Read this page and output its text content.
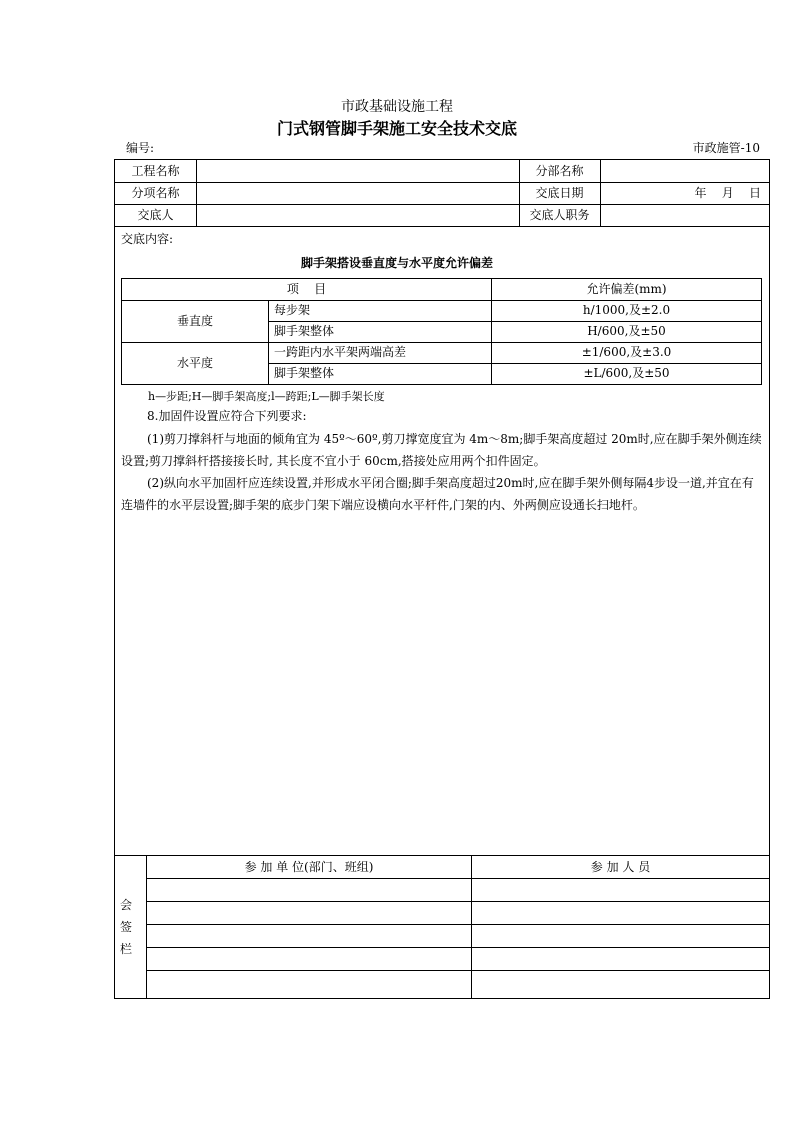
市政基础设施工程
门式钢管脚手架施工安全技术交底
编号:	市政施管-10
工程名称	分部名称
分项名称	交底日期	年    月    日
交底人	交底人职务
参 加 单 位(部门、班组)	参 加 人 员
会签栏
交底内容:
脚手架搭设垂直度与水平度允许偏差
项    目	允许偏差(mm)
垂直度
每步架	h/1000,及±2.0
脚手架整体	H/600,及±50
水平度
一跨距内水平架两端高差	±1/600,及±3.0
脚手架整体	±L/600,及±50
h—步距;H—脚手架高度;l—跨距;L—脚手架长度
8.加固件设置应符合下列要求:
(1)剪刀撑斜杆与地面的倾角宜为 45º～60º,剪刀撑宽度宜为 4m～8m;脚手架高度超过 20m时,应在脚手架外侧连续设置;剪刀撑斜杆搭接接长时, 其长度不宜小于 60cm,搭接处应用两个扣件固定。
(2)纵向水平加固杆应连续设置,并形成水平闭合圈;脚手架高度超过20m时,应在脚手架外侧每隔4步设一道,并宜在有连墙件的水平层设置;脚手架的底步门架下端应设横向水平杆件,门架的内、外两侧应设通长扫地杆。
